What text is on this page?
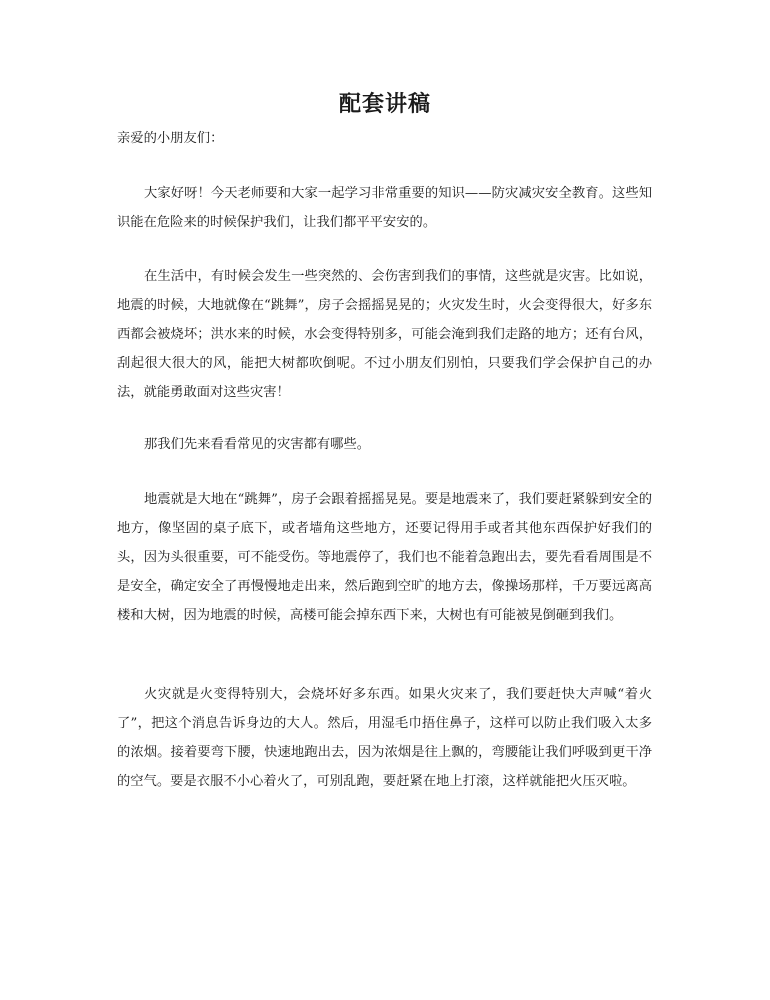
配套讲稿

亲爱的小朋友们：

大家好呀！今天老师要和大家一起学习非常重要的知识——防灾减灾安全教育。这些知识能在危险来的时候保护我们，让我们都平平安安的。

在生活中，有时候会发生一些突然的、会伤害到我们的事情，这些就是灾害。比如说，地震的时候，大地就像在“跳舞”，房子会摇摇晃晃的；火灾发生时，火会变得很大，好多东西都会被烧坏；洪水来的时候，水会变得特别多，可能会淹到我们走路的地方；还有台风，刮起很大很大的风，能把大树都吹倒呢。不过小朋友们别怕，只要我们学会保护自己的办法，就能勇敢面对这些灾害！

那我们先来看看常见的灾害都有哪些。

地震就是大地在“跳舞”，房子会跟着摇摇晃晃。要是地震来了，我们要赶紧躲到安全的地方，像坚固的桌子底下，或者墙角这些地方，还要记得用手或者其他东西保护好我们的头，因为头很重要，可不能受伤。等地震停了，我们也不能着急跑出去，要先看看周围是不是安全，确定安全了再慢慢地走出来，然后跑到空旷的地方去，像操场那样，千万要远离高楼和大树，因为地震的时候，高楼可能会掉东西下来，大树也有可能被晃倒砸到我们。

火灾就是火变得特别大，会烧坏好多东西。如果火灾来了，我们要赶快大声喊“着火了”，把这个消息告诉身边的大人。然后，用湿毛巾捂住鼻子，这样可以防止我们吸入太多的浓烟。接着要弯下腰，快速地跑出去，因为浓烟是往上飘的，弯腰能让我们呼吸到更干净的空气。要是衣服不小心着火了，可别乱跑，要赶紧在地上打滚，这样就能把火压灭啦。
